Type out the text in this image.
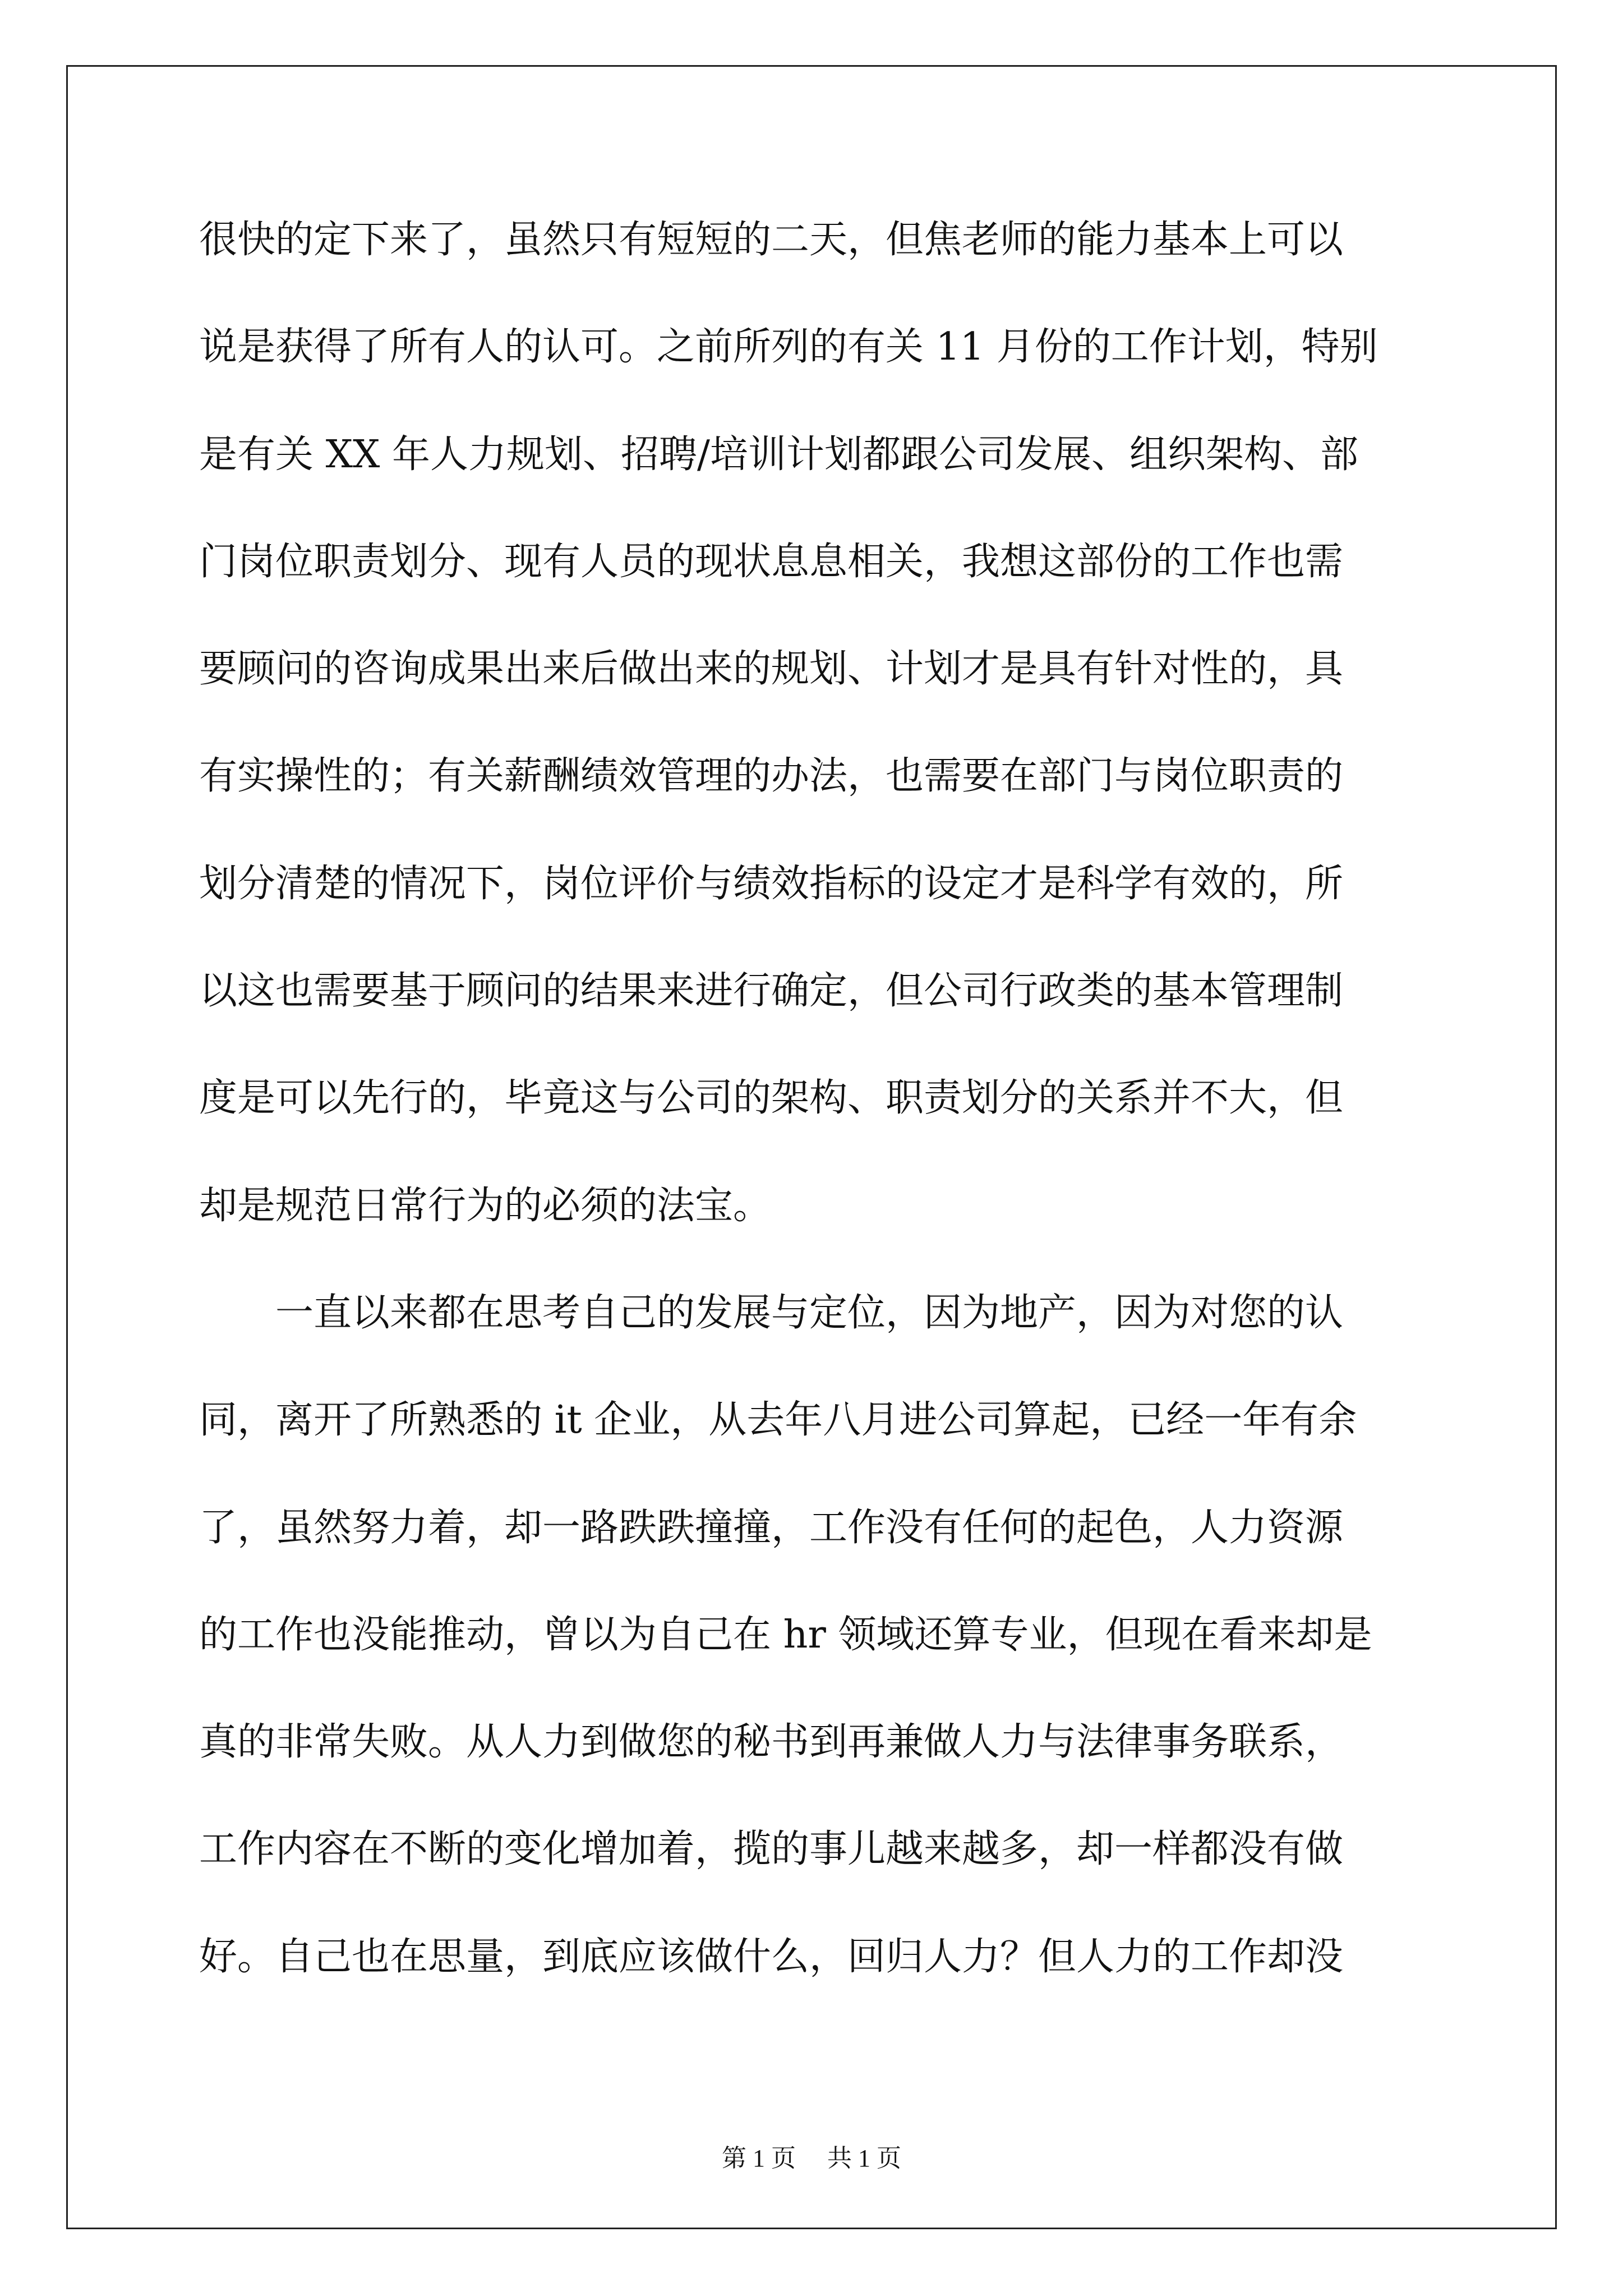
很快的定下来了，虽然只有短短的二天，但焦老师的能力基本上可以
说是获得了所有人的认可。之前所列的有关 11 月份的工作计划，特别
是有关 XX 年人力规划、招聘/培训计划都跟公司发展、组织架构、部
门岗位职责划分、现有人员的现状息息相关，我想这部份的工作也需
要顾问的咨询成果出来后做出来的规划、计划才是具有针对性的，具
有实操性的；有关薪酬绩效管理的办法，也需要在部门与岗位职责的
划分清楚的情况下，岗位评价与绩效指标的设定才是科学有效的，所
以这也需要基于顾问的结果来进行确定，但公司行政类的基本管理制
度是可以先行的，毕竟这与公司的架构、职责划分的关系并不大，但
却是规范日常行为的必须的法宝。
　　一直以来都在思考自己的发展与定位，因为地产，因为对您的认
同，离开了所熟悉的 it 企业，从去年八月进公司算起，已经一年有余
了，虽然努力着，却一路跌跌撞撞，工作没有任何的起色，人力资源
的工作也没能推动，曾以为自己在 hr 领域还算专业，但现在看来却是
真的非常失败。从人力到做您的秘书到再兼做人力与法律事务联系，
工作内容在不断的变化增加着，揽的事儿越来越多，却一样都没有做
好。自己也在思量，到底应该做什么，回归人力？但人力的工作却没
第 1 页 共 1 页
